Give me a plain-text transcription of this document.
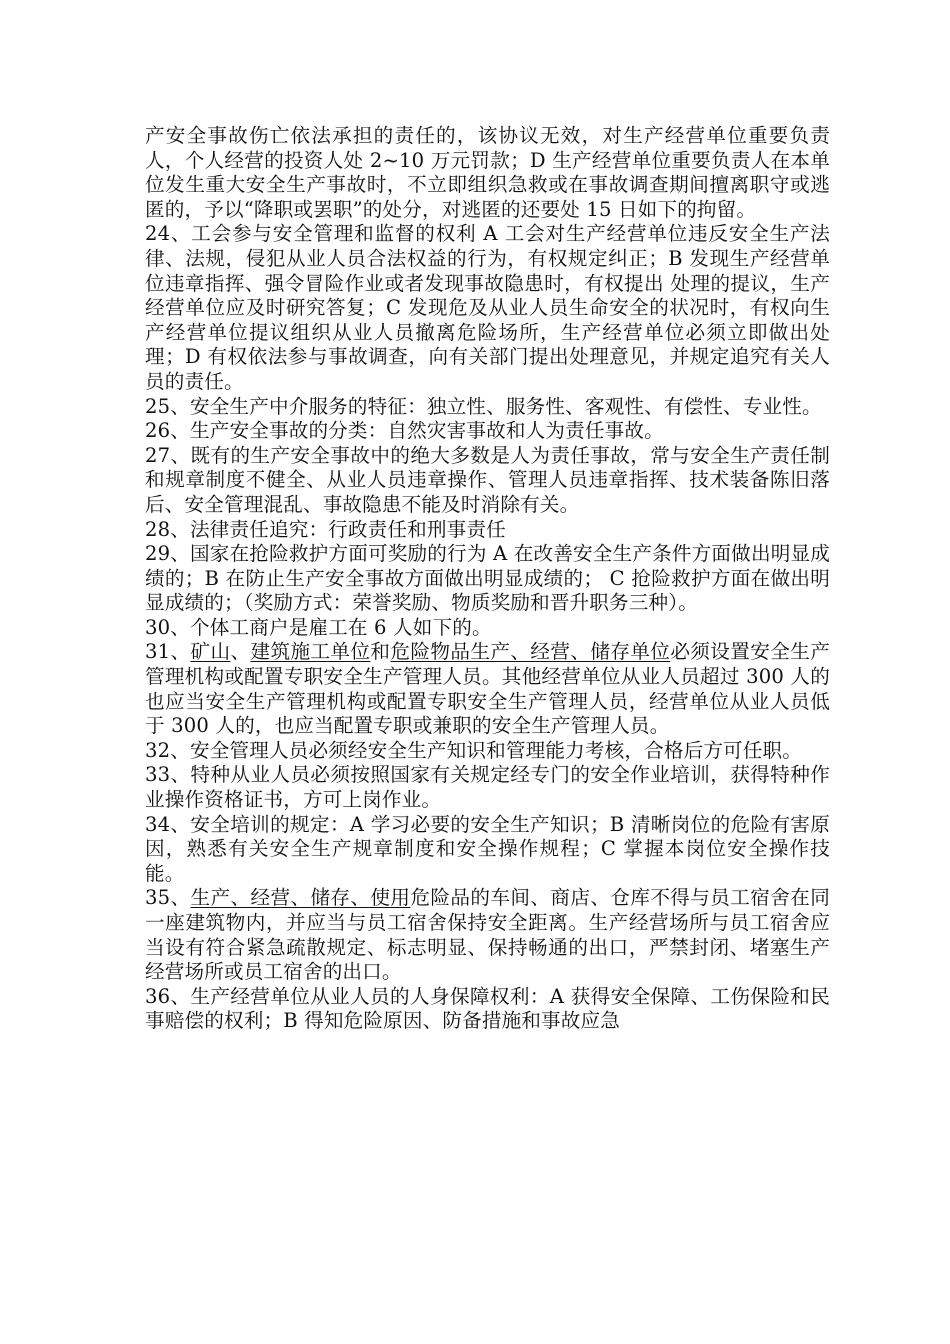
产安全事故伤亡依法承担的责任的，该协议无效，对生产经营单位重要负责人，个人经营的投资人处 2~10 万元罚款；D 生产经营单位重要负责人在本单位发生重大安全生产事故时，不立即组织急救或在事故调查期间擅离职守或逃匿的，予以“降职或罢职”的处分，对逃匿的还要处 15 日如下的拘留。

24、工会参与安全管理和监督的权利 A 工会对生产经营单位违反安全生产法律、法规，侵犯从业人员合法权益的行为，有权规定纠正；B 发现生产经营单位违章指挥、强令冒险作业或者发现事故隐患时，有权提出 处理的提议，生产经营单位应及时研究答复；C 发现危及从业人员生命安全的状况时，有权向生产经营单位提议组织从业人员撤离危险场所，生产经营单位必须立即做出处理；D 有权依法参与事故调查，向有关部门提出处理意见，并规定追究有关人员的责任。

25、安全生产中介服务的特征：独立性、服务性、客观性、有偿性、专业性。

26、生产安全事故的分类：自然灾害事故和人为责任事故。

27、既有的生产安全事故中的绝大多数是人为责任事故，常与安全生产责任制和规章制度不健全、从业人员违章操作、管理人员违章指挥、技术装备陈旧落后、安全管理混乱、事故隐患不能及时消除有关。

28、法律责任追究：行政责任和刑事责任

29、国家在抢险救护方面可奖励的行为 A 在改善安全生产条件方面做出明显成绩的；B 在防止生产安全事故方面做出明显成绩的； C 抢险救护方面在做出明显成绩的；（奖励方式：荣誉奖励、物质奖励和晋升职务三种）。

30、个体工商户是雇工在 6 人如下的。

31、矿山、建筑施工单位和危险物品生产、经营、储存单位必须设置安全生产管理机构或配置专职安全生产管理人员。其他经营单位从业人员超过 300 人的也应当安全生产管理机构或配置专职安全生产管理人员，经营单位从业人员低于 300 人的，也应当配置专职或兼职的安全生产管理人员。

32、安全管理人员必须经安全生产知识和管理能力考核，合格后方可任职。

33、特种从业人员必须按照国家有关规定经专门的安全作业培训，获得特种作业操作资格证书，方可上岗作业。

34、安全培训的规定：A 学习必要的安全生产知识；B 清晰岗位的危险有害原因，熟悉有关安全生产规章制度和安全操作规程；C 掌握本岗位安全操作技能。

35、生产、经营、储存、使用危险品的车间、商店、仓库不得与员工宿舍在同一座建筑物内，并应当与员工宿舍保持安全距离。生产经营场所与员工宿舍应当设有符合紧急疏散规定、标志明显、保持畅通的出口，严禁封闭、堵塞生产经营场所或员工宿舍的出口。

36、生产经营单位从业人员的人身保障权利：A 获得安全保障、工伤保险和民事赔偿的权利；B 得知危险原因、防备措施和事故应急
